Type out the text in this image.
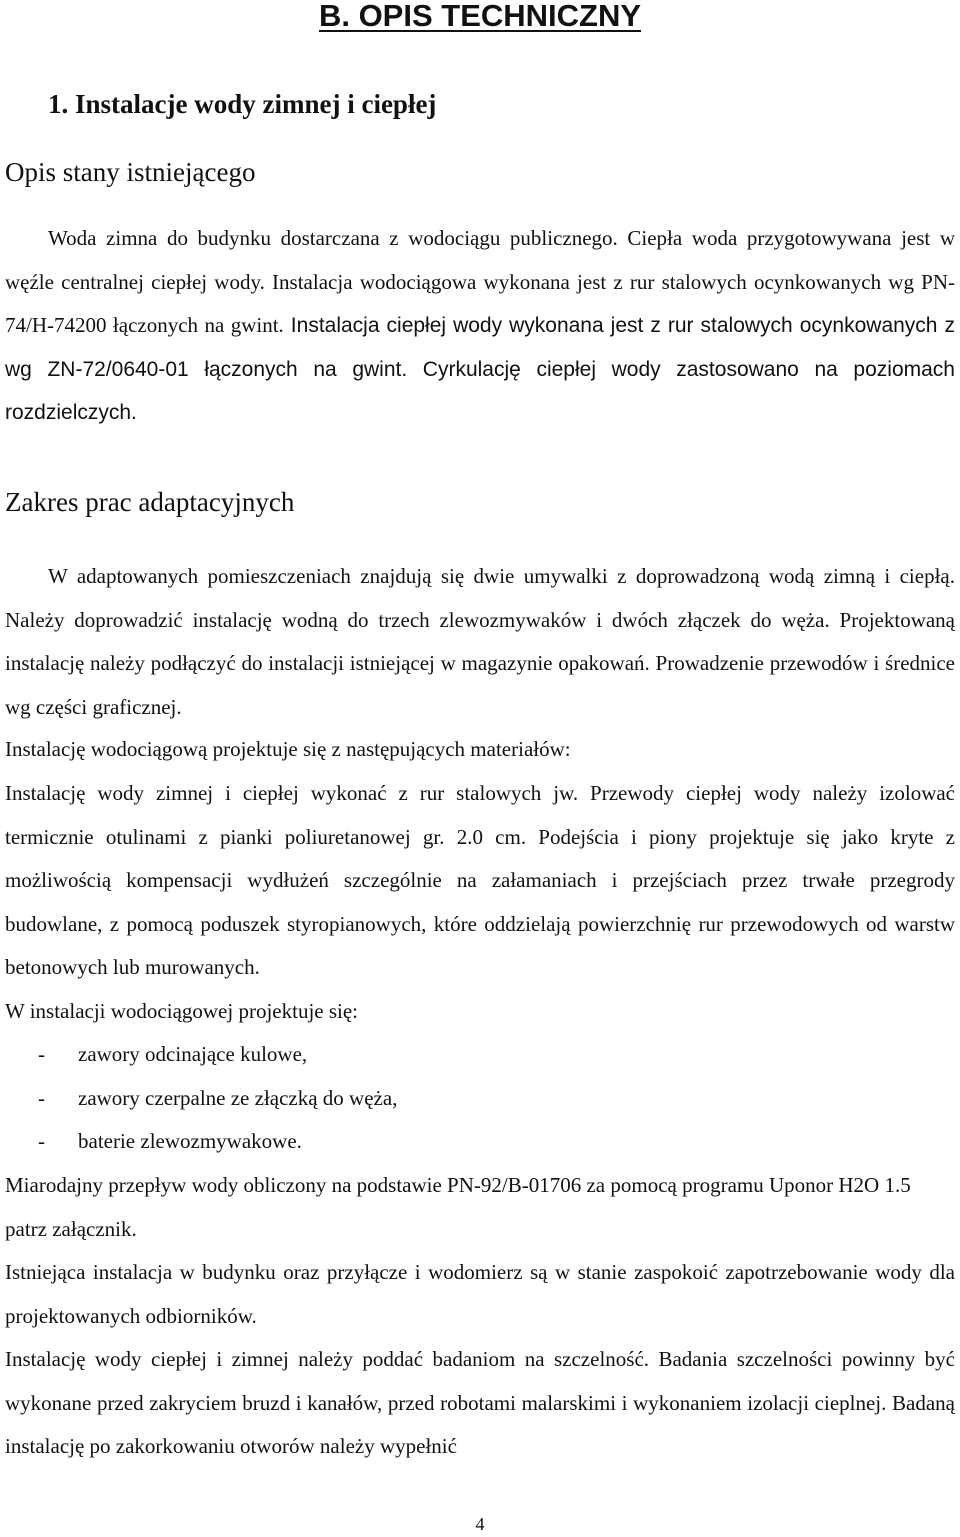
B. OPIS TECHNICZNY
1. Instalacje wody zimnej i ciepłej
Opis stany istniejącego

Woda zimna do budynku dostarczana z wodociągu publicznego. Ciepła woda przygotowywana jest w węźle centralnej ciepłej wody. Instalacja wodociągowa wykonana jest z rur stalowych ocynkowanych wg PN-74/H-74200 łączonych na gwint. Instalacja ciepłej wody wykonana jest z rur stalowych ocynkowanych z wg ZN-72/0640-01 łączonych na gwint. Cyrkulację ciepłej wody zastosowano na poziomach rozdzielczych.

Zakres prac adaptacyjnych

W adaptowanych pomieszczeniach znajdują się dwie umywalki z doprowadzoną wodą zimną i ciepłą. Należy doprowadzić instalację wodną do trzech zlewozmywaków i dwóch złączek do węża. Projektowaną instalację należy podłączyć do instalacji istniejącej w magazynie opakowań. Prowadzenie przewodów i średnice wg części graficznej.

Instalację wodociągową projektuje się z następujących materiałów:

Instalację wody zimnej i ciepłej wykonać z rur stalowych jw. Przewody ciepłej wody należy izolować termicznie otulinami z pianki poliuretanowej gr. 2.0 cm. Podejścia i piony projektuje się jako kryte z możliwością kompensacji wydłużeń szczególnie na załamaniach i przejściach przez trwałe przegrody budowlane, z pomocą poduszek styropianowych, które oddzielają powierzchnię rur przewodowych od warstw betonowych lub murowanych.

W instalacji wodociągowej projektuje się:

- zawory odcinające kulowe,
- zawory czerpalne ze złączką do węża,
- baterie zlewozmywakowe.

Miarodajny przepływ wody obliczony na podstawie PN-92/B-01706 za pomocą programu Uponor H2O 1.5 patrz załącznik.

Istniejąca instalacja w budynku oraz przyłącze i wodomierz są w stanie zaspokoić zapotrzebowanie wody dla projektowanych odbiorników.

Instalację wody ciepłej i zimnej należy poddać badaniom na szczelność. Badania szczelności powinny być wykonane przed zakryciem bruzd i kanałów, przed robotami malarskimi i wykonaniem izolacji cieplnej. Badaną instalację po zakorkowaniu otworów należy wypełnić

4
